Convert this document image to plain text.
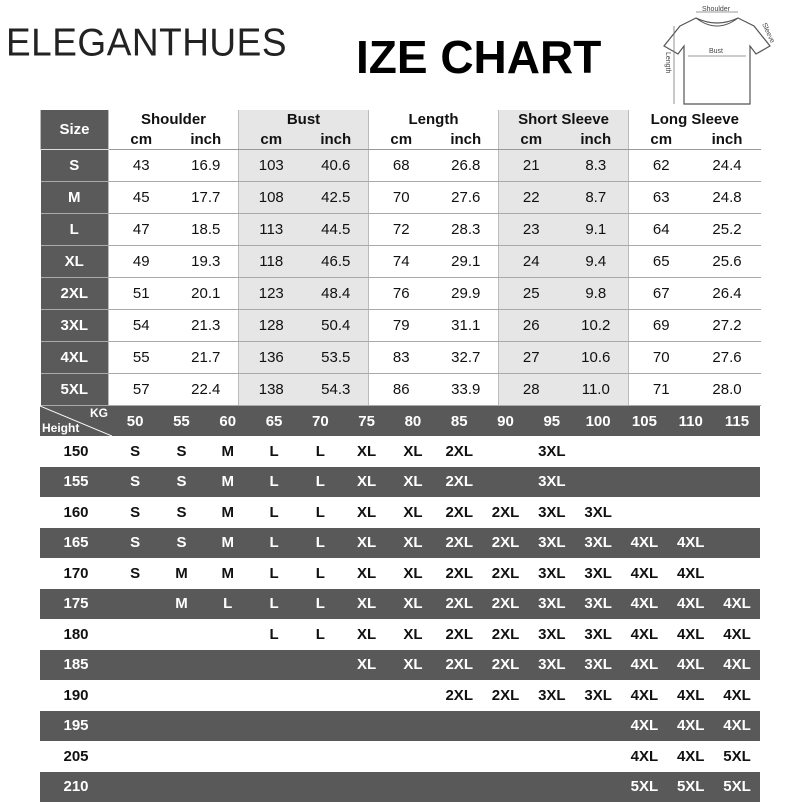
ELEGANTHUES IZE CHART
Shoulder
Bust
Length
Sleeve
Size	Shoulder		Bust		Length		Short Sleeve		Long Sleeve	
	cm	inch	cm	inch	cm	inch	cm	inch	cm	inch
S	43	16.9	103	40.6	68	26.8	21	8.3	62	24.4
M	45	17.7	108	42.5	70	27.6	22	8.7	63	24.8
L	47	18.5	113	44.5	72	28.3	23	9.1	64	25.2
XL	49	19.3	118	46.5	74	29.1	24	9.4	65	25.6
2XL	51	20.1	123	48.4	76	29.9	25	9.8	67	26.4
3XL	54	21.3	128	50.4	79	31.1	26	10.2	69	27.2
4XL	55	21.7	136	53.5	83	32.7	27	10.6	70	27.6
5XL	57	22.4	138	54.3	86	33.9	28	11.0	71	28.0
KG
Height	50	55	60	65	70	75	80	85	90	95	100	105	110	115
150	S	S	M	L	L	XL	XL	2XL		3XL				
155	S	S	M	L	L	XL	XL	2XL		3XL				
160	S	S	M	L	L	XL	XL	2XL	2XL	3XL	3XL			
165	S	S	M	L	L	XL	XL	2XL	2XL	3XL	3XL	4XL	4XL	
170	S	M	M	L	L	XL	XL	2XL	2XL	3XL	3XL	4XL	4XL	
175		M	L	L	L	XL	XL	2XL	2XL	3XL	3XL	4XL	4XL	4XL
180				L	L	XL	XL	2XL	2XL	3XL	3XL	4XL	4XL	4XL
185						XL	XL	2XL	2XL	3XL	3XL	4XL	4XL	4XL
190								2XL	2XL	3XL	3XL	4XL	4XL	4XL
195												4XL	4XL	4XL
205												4XL	4XL	5XL
210												5XL	5XL	5XL
